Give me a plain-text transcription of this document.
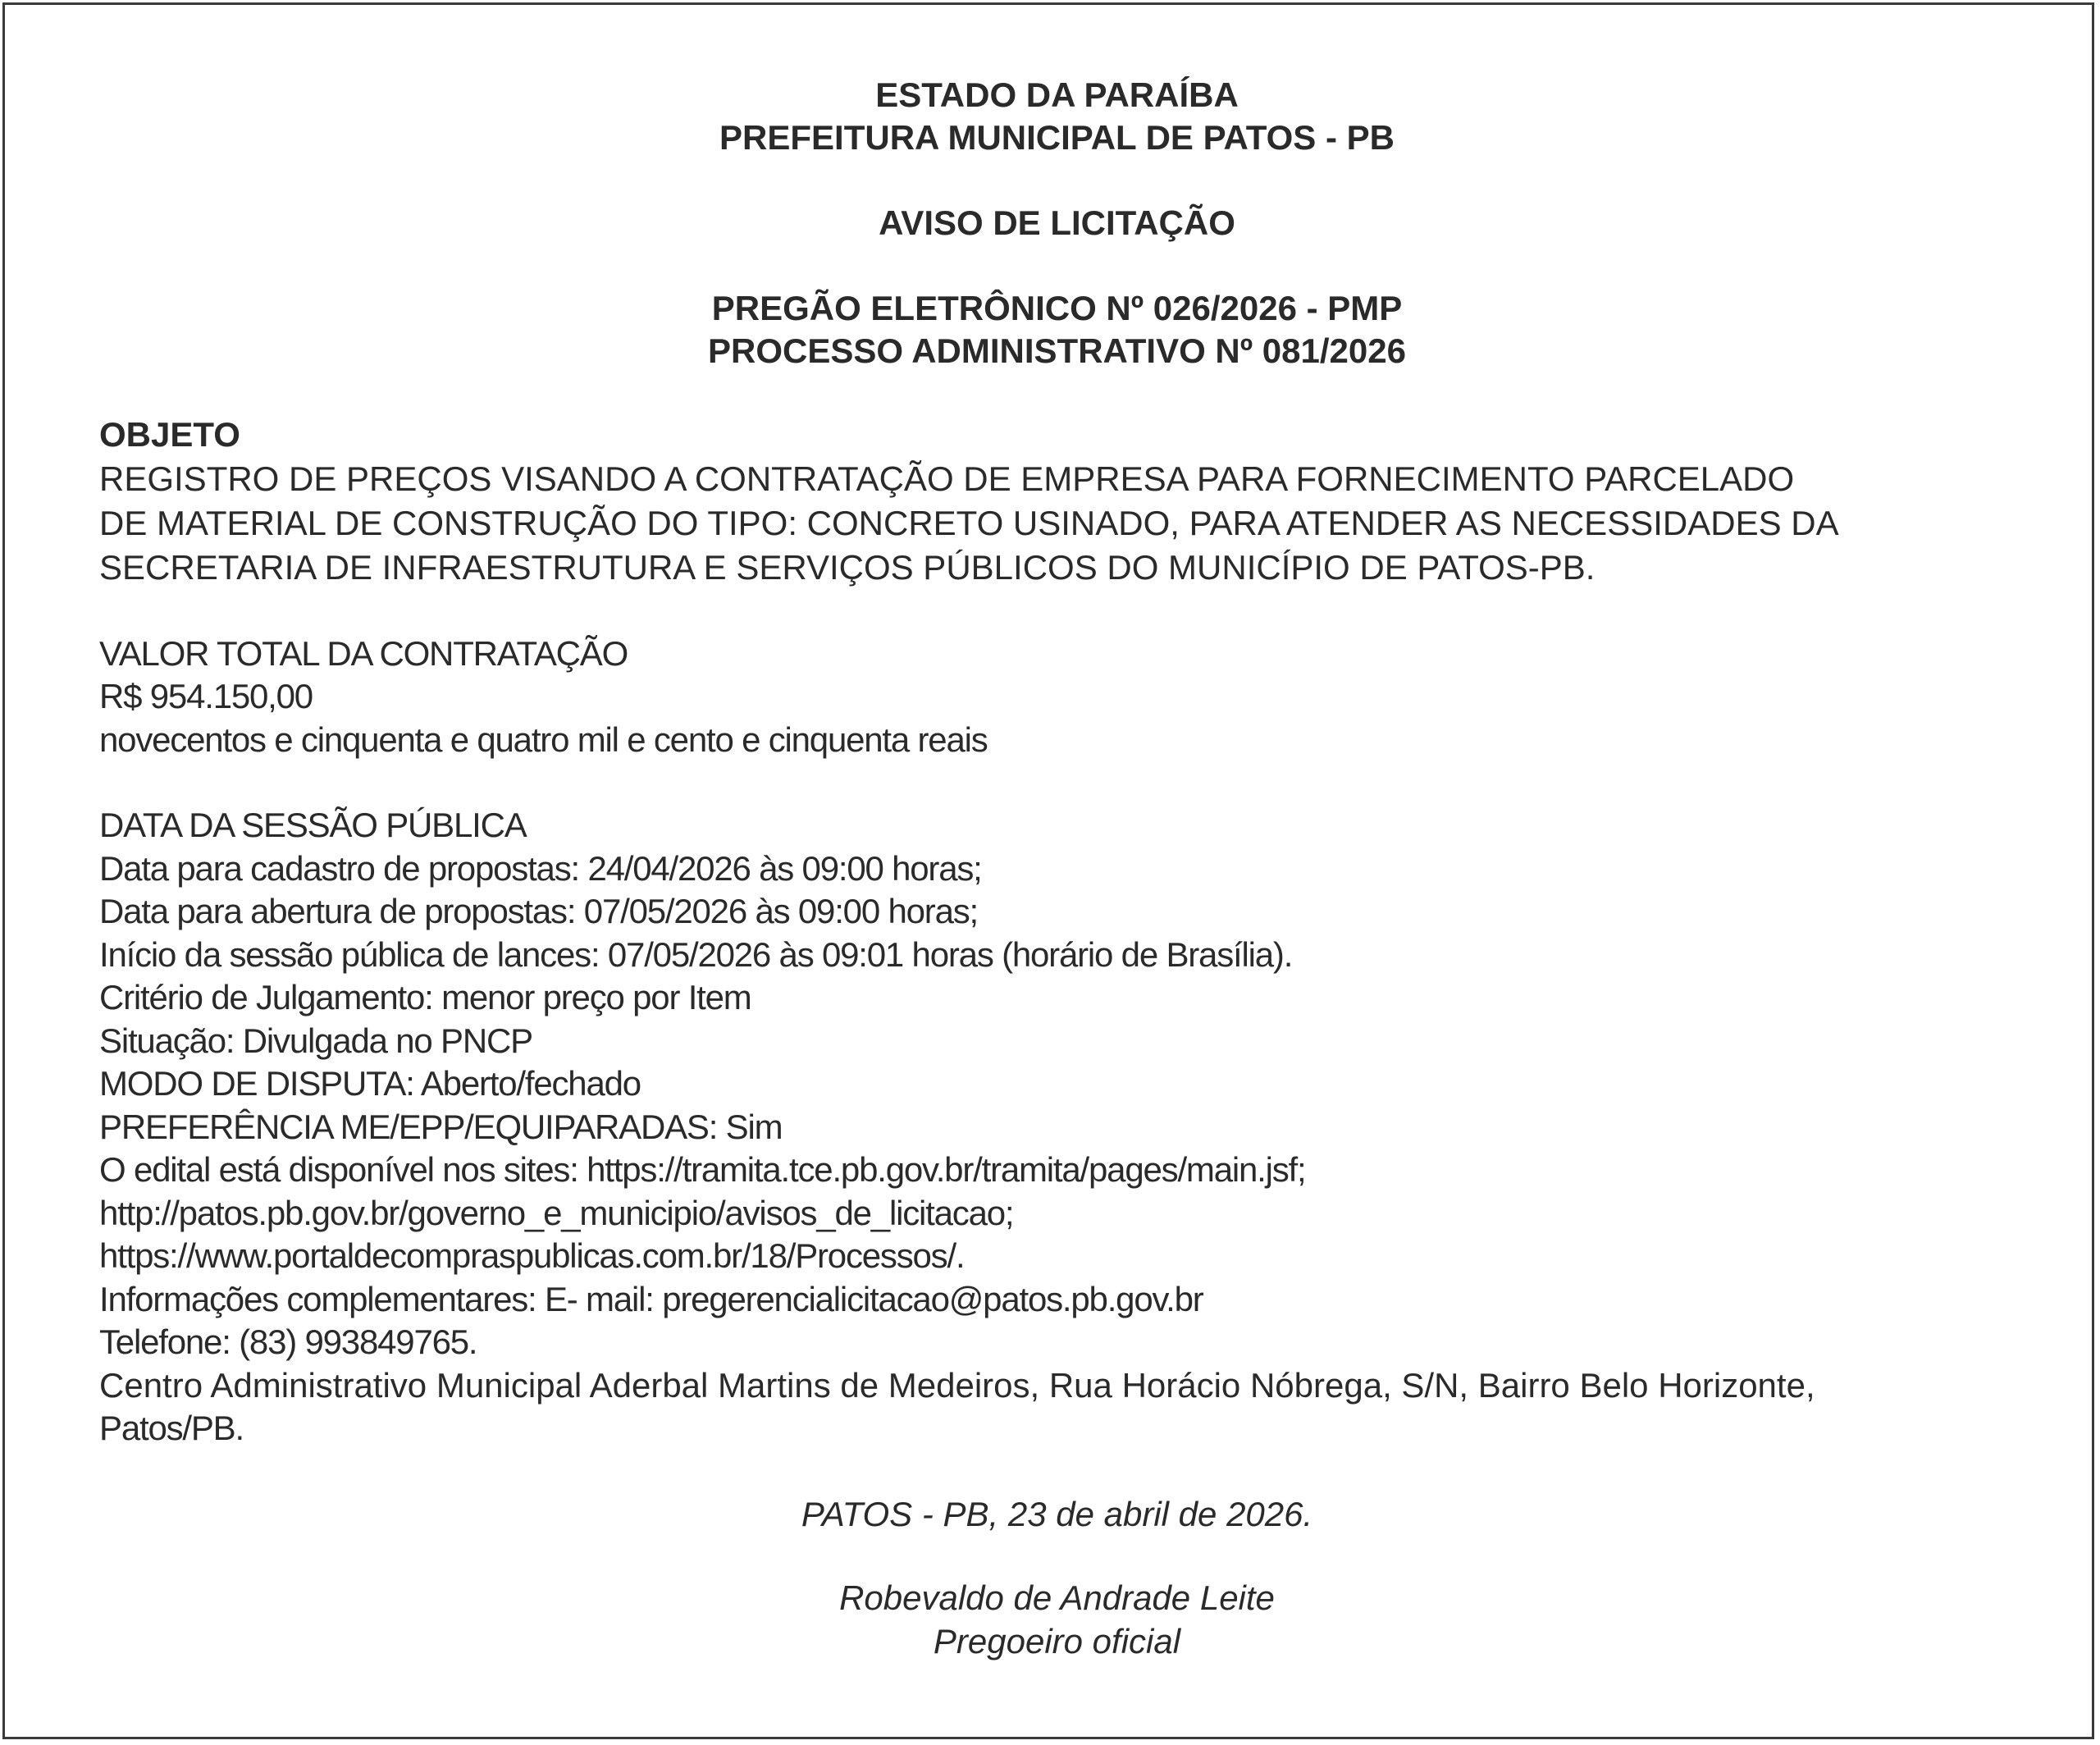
ESTADO DA PARAÍBA
PREFEITURA MUNICIPAL DE PATOS - PB
AVISO DE LICITAÇÃO
PREGÃO ELETRÔNICO Nº 026/2026 - PMP
PROCESSO ADMINISTRATIVO Nº 081/2026
OBJETO
REGISTRO DE PREÇOS VISANDO A CONTRATAÇÃO DE EMPRESA PARA FORNECIMENTO PARCELADO
DE MATERIAL DE CONSTRUÇÃO DO TIPO: CONCRETO USINADO, PARA ATENDER AS NECESSIDADES DA
SECRETARIA DE INFRAESTRUTURA E SERVIÇOS PÚBLICOS DO MUNICÍPIO DE PATOS-PB.
VALOR TOTAL DA CONTRATAÇÃO
R$ 954.150,00
novecentos e cinquenta e quatro mil e cento e cinquenta reais
DATA DA SESSÃO PÚBLICA
Data para cadastro de propostas: 24/04/2026 às 09:00 horas;
Data para abertura de propostas: 07/05/2026 às 09:00 horas;
Início da sessão pública de lances: 07/05/2026 às 09:01 horas (horário de Brasília).
Critério de Julgamento: menor preço por Item
Situação: Divulgada no PNCP
MODO DE DISPUTA: Aberto/fechado
PREFERÊNCIA ME/EPP/EQUIPARADAS: Sim
O edital está disponível nos sites: https://tramita.tce.pb.gov.br/tramita/pages/main.jsf;
http://patos.pb.gov.br/governo_e_municipio/avisos_de_licitacao;
https://www.portaldecompraspublicas.com.br/18/Processos/.
Informações complementares: E- mail: pregerencialicitacao@patos.pb.gov.br
Telefone: (83) 993849765.
Centro Administrativo Municipal Aderbal Martins de Medeiros, Rua Horácio Nóbrega, S/N, Bairro Belo Horizonte,
Patos/PB.
PATOS - PB, 23 de abril de 2026.
Robevaldo de Andrade Leite
Pregoeiro oficial
